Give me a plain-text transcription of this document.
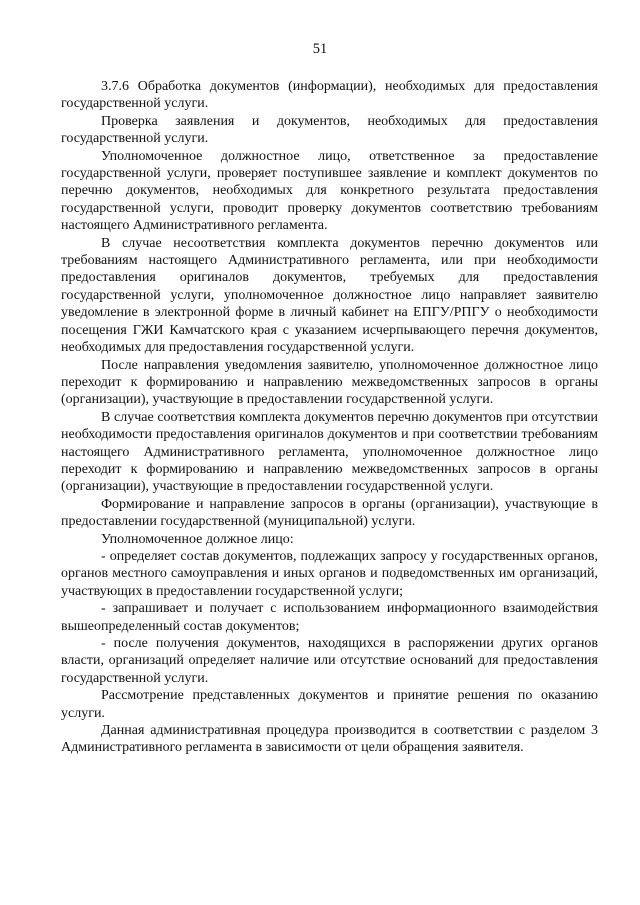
51

3.7.6 Обработка документов (информации), необходимых для предоставления государственной услуги.

Проверка заявления и документов, необходимых для предоставления государственной услуги.

Уполномоченное должностное лицо, ответственное за предоставление государственной услуги, проверяет поступившее заявление и комплект документов по перечню документов, необходимых для конкретного результата предоставления государственной услуги, проводит проверку документов соответствию требованиям настоящего Административного регламента.

В случае несоответствия комплекта документов перечню документов или требованиям настоящего Административного регламента, или при необходимости предоставления оригиналов документов, требуемых для предоставления государственной услуги, уполномоченное должностное лицо направляет заявителю уведомление в электронной форме в личный кабинет на ЕПГУ/РПГУ о необходимости посещения ГЖИ Камчатского края с указанием исчерпывающего перечня документов, необходимых для предоставления государственной услуги.

После направления уведомления заявителю, уполномоченное должностное лицо переходит к формированию и направлению межведомственных запросов в органы (организации), участвующие в предоставлении государственной услуги.

В случае соответствия комплекта документов перечню документов при отсутствии необходимости предоставления оригиналов документов и при соответствии требованиям настоящего Административного регламента, уполномоченное должностное лицо переходит к формированию и направлению межведомственных запросов в органы (организации), участвующие в предоставлении государственной услуги.

Формирование и направление запросов в органы (организации), участвующие в предоставлении государственной (муниципальной) услуги.

Уполномоченное должное лицо:

- определяет состав документов, подлежащих запросу у государственных органов, органов местного самоуправления и иных органов и подведомственных им организаций, участвующих в предоставлении государственной услуги;

- запрашивает и получает с использованием информационного взаимодействия вышеопределенный состав документов;

- после получения документов, находящихся в распоряжении других органов власти, организаций определяет наличие или отсутствие оснований для предоставления государственной услуги.

Рассмотрение представленных документов и принятие решения по оказанию услуги.

Данная административная процедура производится в соответствии с разделом 3 Административного регламента в зависимости от цели обращения заявителя.
